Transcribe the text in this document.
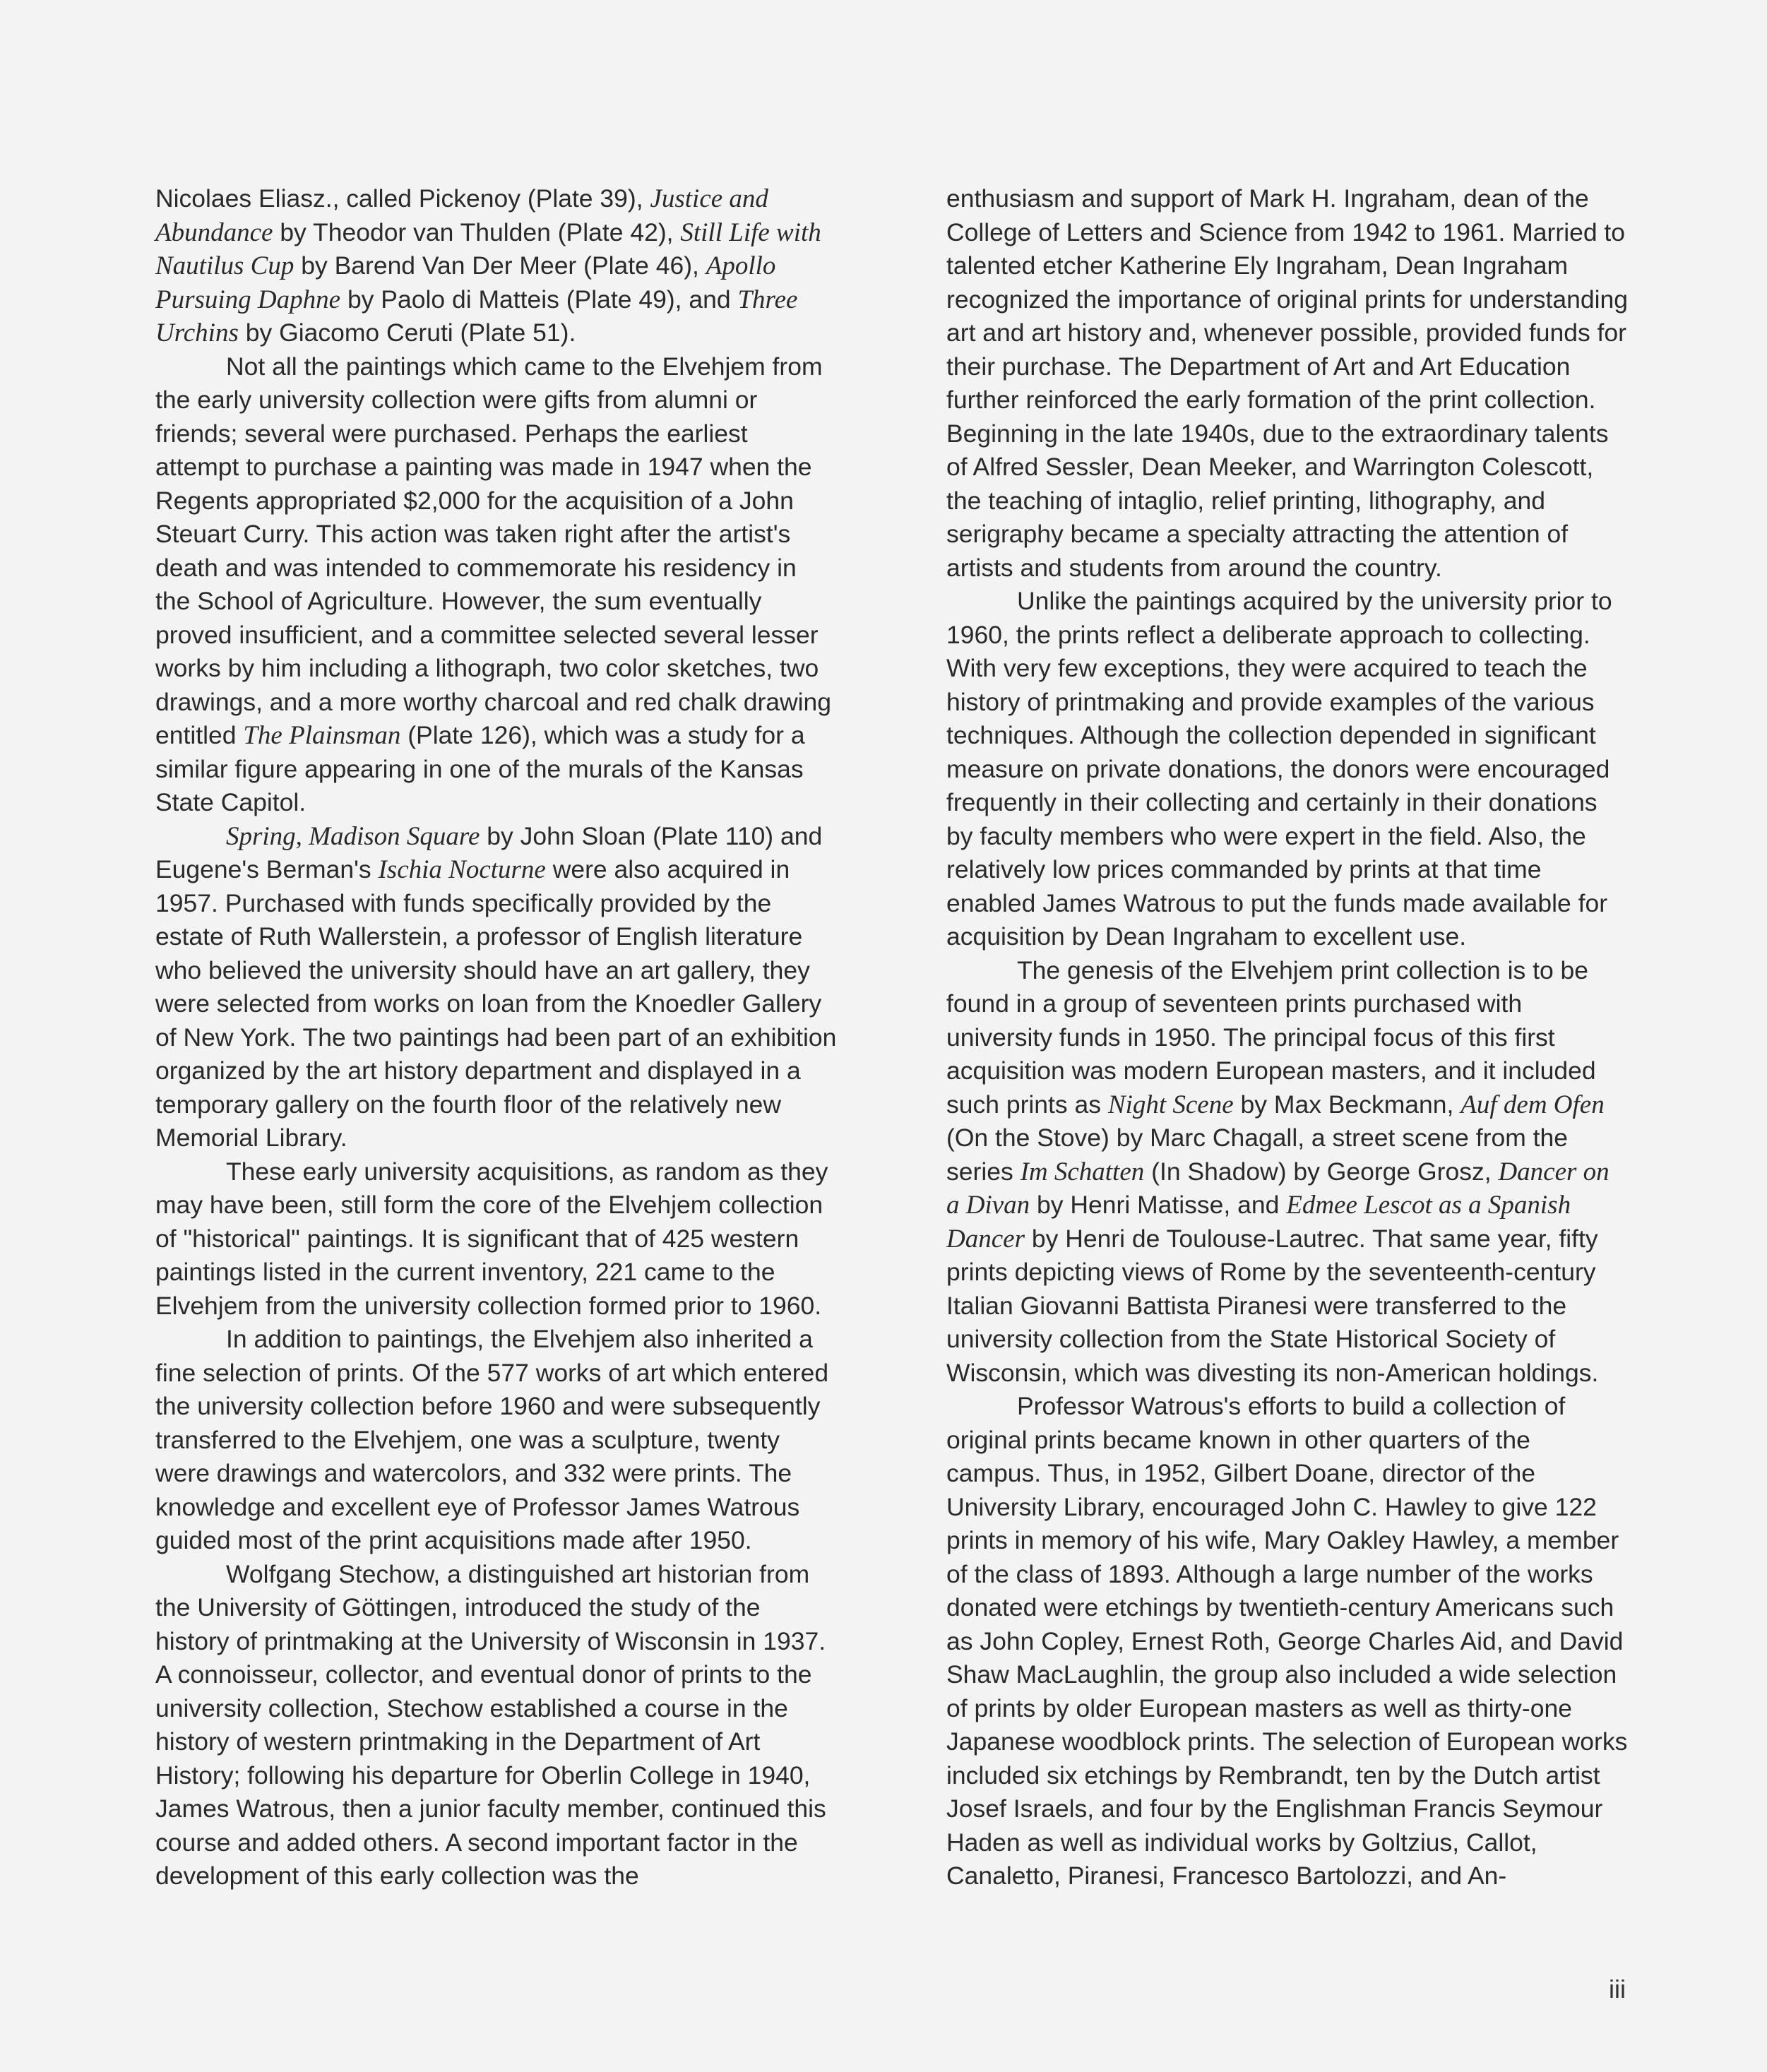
Nicolaes Eliasz., called Pickenoy (Plate 39), Justice and Abundance by Theodor van Thulden (Plate 42), Still Life with Nautilus Cup by Barend Van Der Meer (Plate 46), Apollo Pursuing Daphne by Paolo di Matteis (Plate 49), and Three Urchins by Giacomo Ceruti (Plate 51).

Not all the paintings which came to the Elvehjem from the early university collection were gifts from alumni or friends; several were purchased. Perhaps the earliest attempt to purchase a painting was made in 1947 when the Regents appropriated $2,000 for the acquisition of a John Steuart Curry. This action was taken right after the artist's death and was intended to commemorate his residency in the School of Agriculture. However, the sum eventually proved insufficient, and a committee selected several lesser works by him including a lithograph, two color sketches, two drawings, and a more worthy charcoal and red chalk drawing entitled The Plainsman (Plate 126), which was a study for a similar figure appearing in one of the murals of the Kansas State Capitol.

Spring, Madison Square by John Sloan (Plate 110) and Eugene's Berman's Ischia Nocturne were also acquired in 1957. Purchased with funds specifically provided by the estate of Ruth Wallerstein, a professor of English literature who believed the university should have an art gallery, they were selected from works on loan from the Knoedler Gallery of New York. The two paintings had been part of an exhibition organized by the art history department and displayed in a temporary gallery on the fourth floor of the relatively new Memorial Library.

These early university acquisitions, as random as they may have been, still form the core of the Elvehjem collection of "historical" paintings. It is significant that of 425 western paintings listed in the current inventory, 221 came to the Elvehjem from the university collection formed prior to 1960.

In addition to paintings, the Elvehjem also inherited a fine selection of prints. Of the 577 works of art which entered the university collection before 1960 and were subsequently transferred to the Elvehjem, one was a sculpture, twenty were drawings and watercolors, and 332 were prints. The knowledge and excellent eye of Professor James Watrous guided most of the print acquisitions made after 1950.

Wolfgang Stechow, a distinguished art historian from the University of Göttingen, introduced the study of the history of printmaking at the University of Wisconsin in 1937. A connoisseur, collector, and eventual donor of prints to the university collection, Stechow established a course in the history of western printmaking in the Department of Art History; following his departure for Oberlin College in 1940, James Watrous, then a junior faculty member, continued this course and added others. A second important factor in the development of this early collection was the

enthusiasm and support of Mark H. Ingraham, dean of the College of Letters and Science from 1942 to 1961. Married to talented etcher Katherine Ely Ingraham, Dean Ingraham recognized the importance of original prints for understanding art and art history and, whenever possible, provided funds for their purchase. The Department of Art and Art Education further reinforced the early formation of the print collection. Beginning in the late 1940s, due to the extraordinary talents of Alfred Sessler, Dean Meeker, and Warrington Colescott, the teaching of intaglio, relief printing, lithography, and serigraphy became a specialty attracting the attention of artists and students from around the country.

Unlike the paintings acquired by the university prior to 1960, the prints reflect a deliberate approach to collecting. With very few exceptions, they were acquired to teach the history of printmaking and provide examples of the various techniques. Although the collection depended in significant measure on private donations, the donors were encouraged frequently in their collecting and certainly in their donations by faculty members who were expert in the field. Also, the relatively low prices commanded by prints at that time enabled James Watrous to put the funds made available for acquisition by Dean Ingraham to excellent use.

The genesis of the Elvehjem print collection is to be found in a group of seventeen prints purchased with university funds in 1950. The principal focus of this first acquisition was modern European masters, and it included such prints as Night Scene by Max Beckmann, Auf dem Ofen (On the Stove) by Marc Chagall, a street scene from the series Im Schatten (In Shadow) by George Grosz, Dancer on a Divan by Henri Matisse, and Edmee Lescot as a Spanish Dancer by Henri de Toulouse-Lautrec. That same year, fifty prints depicting views of Rome by the seventeenth-century Italian Giovanni Battista Piranesi were transferred to the university collection from the State Historical Society of Wisconsin, which was divesting its non-American holdings.

Professor Watrous's efforts to build a collection of original prints became known in other quarters of the campus. Thus, in 1952, Gilbert Doane, director of the University Library, encouraged John C. Hawley to give 122 prints in memory of his wife, Mary Oakley Hawley, a member of the class of 1893. Although a large number of the works donated were etchings by twentieth-century Americans such as John Copley, Ernest Roth, George Charles Aid, and David Shaw MacLaughlin, the group also included a wide selection of prints by older European masters as well as thirty-one Japanese woodblock prints. The selection of European works included six etchings by Rembrandt, ten by the Dutch artist Josef Israels, and four by the Englishman Francis Seymour Haden as well as individual works by Goltzius, Callot, Canaletto, Piranesi, Francesco Bartolozzi, and An-

iii
